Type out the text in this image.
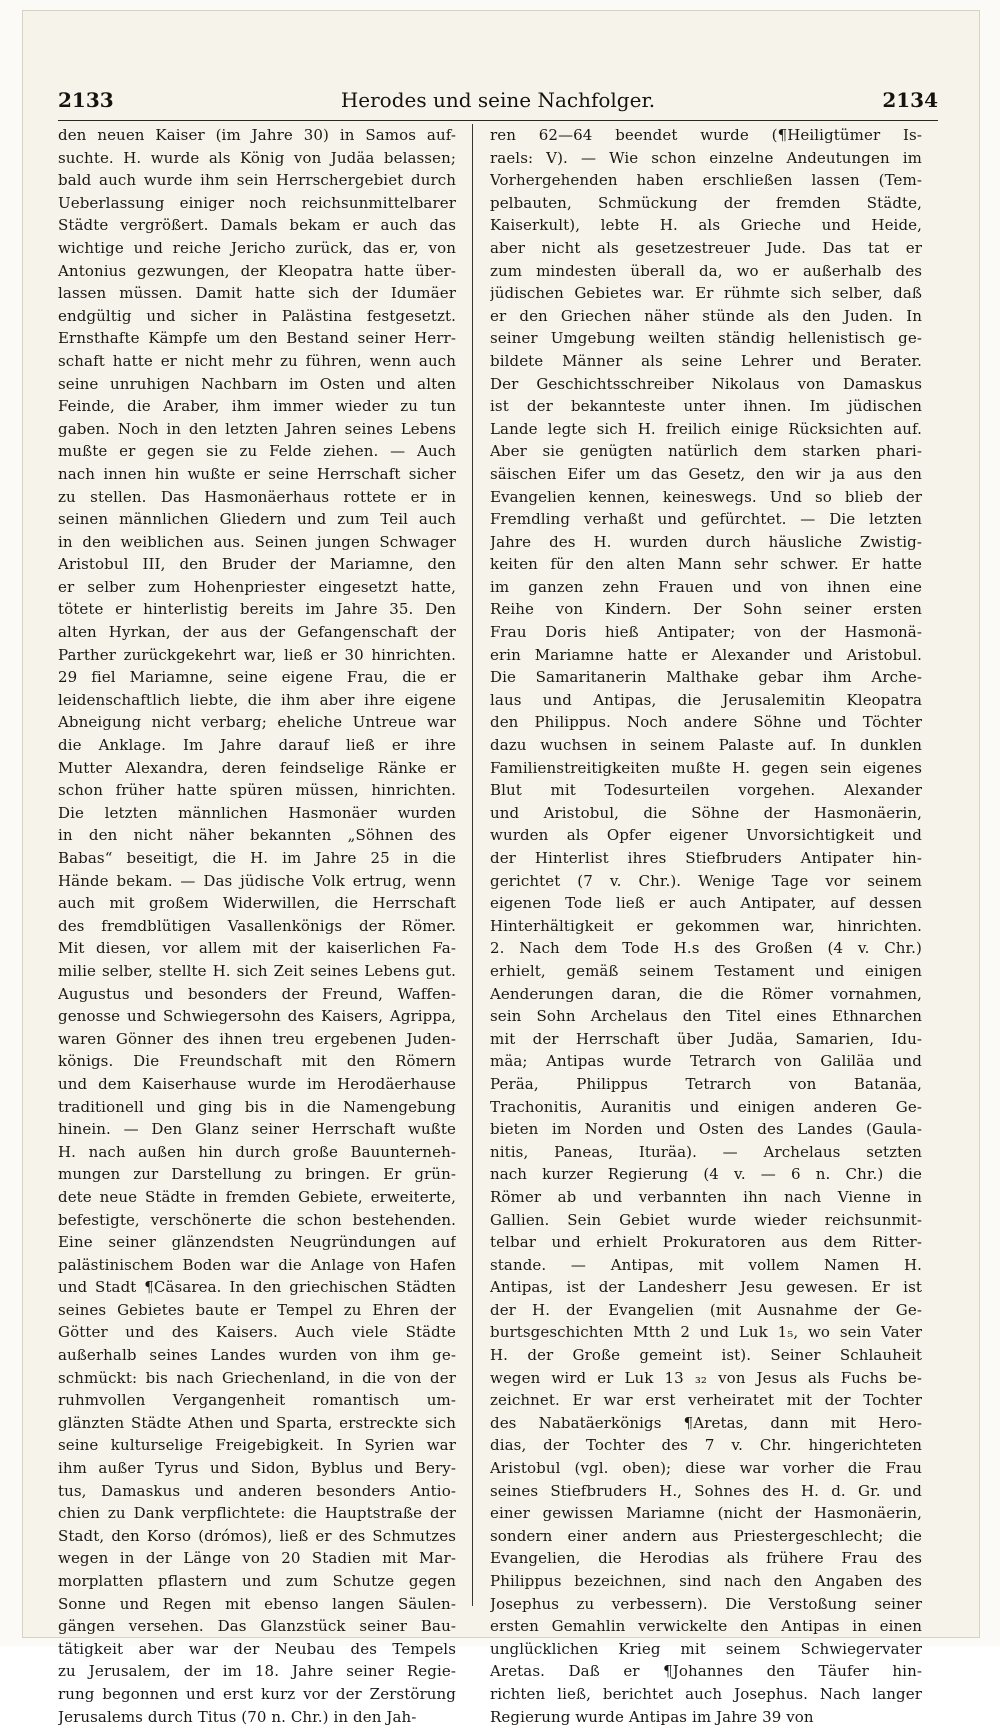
2133	Herodes und seine Nachfolger.	2134
den neuen Kaiser (im Jahre 30) in Samos auf-
suchte. H. wurde als König von Judäa belassen;
bald auch wurde ihm sein Herrschergebiet durch
Ueberlassung einiger noch reichsunmittelbarer
Städte vergrößert. Damals bekam er auch das
wichtige und reiche Jericho zurück, das er, von
Antonius gezwungen, der Kleopatra hatte über-
lassen müssen. Damit hatte sich der Idumäer
endgültig und sicher in Palästina festgesetzt.
Ernsthafte Kämpfe um den Bestand seiner Herr-
schaft hatte er nicht mehr zu führen, wenn auch
seine unruhigen Nachbarn im Osten und alten
Feinde, die Araber, ihm immer wieder zu tun
gaben. Noch in den letzten Jahren seines Lebens
mußte er gegen sie zu Felde ziehen. — Auch
nach innen hin wußte er seine Herrschaft sicher
zu stellen. Das Hasmonäerhaus rottete er in
seinen männlichen Gliedern und zum Teil auch
in den weiblichen aus. Seinen jungen Schwager
Aristobul III, den Bruder der Mariamne, den
er selber zum Hohenpriester eingesetzt hatte,
tötete er hinterlistig bereits im Jahre 35. Den
alten Hyrkan, der aus der Gefangenschaft der
Parther zurückgekehrt war, ließ er 30 hinrichten.
29 fiel Mariamne, seine eigene Frau, die er
leidenschaftlich liebte, die ihm aber ihre eigene
Abneigung nicht verbarg; eheliche Untreue war
die Anklage. Im Jahre darauf ließ er ihre
Mutter Alexandra, deren feindselige Ränke er
schon früher hatte spüren müssen, hinrichten.
Die letzten männlichen Hasmonäer wurden
in den nicht näher bekannten „Söhnen des
Babas“ beseitigt, die H. im Jahre 25 in die
Hände bekam. — Das jüdische Volk ertrug, wenn
auch mit großem Widerwillen, die Herrschaft
des fremdblütigen Vasallenkönigs der Römer.
Mit diesen, vor allem mit der kaiserlichen Fa-
milie selber, stellte H. sich Zeit seines Lebens gut.
Augustus und besonders der Freund, Waffen-
genosse und Schwiegersohn des Kaisers, Agrippa,
waren Gönner des ihnen treu ergebenen Juden-
königs. Die Freundschaft mit den Römern
und dem Kaiserhause wurde im Herodäerhause
traditionell und ging bis in die Namengebung
hinein. — Den Glanz seiner Herrschaft wußte
H. nach außen hin durch große Bauunterneh-
mungen zur Darstellung zu bringen. Er grün-
dete neue Städte in fremden Gebiete, erweiterte,
befestigte, verschönerte die schon bestehenden.
Eine seiner glänzendsten Neugründungen auf
palästinischem Boden war die Anlage von Hafen
und Stadt ¶Cäsarea. In den griechischen Städten
seines Gebietes baute er Tempel zu Ehren der
Götter und des Kaisers. Auch viele Städte
außerhalb seines Landes wurden von ihm ge-
schmückt: bis nach Griechenland, in die von der
ruhmvollen Vergangenheit romantisch um-
glänzten Städte Athen und Sparta, erstreckte sich
seine kulturselige Freigebigkeit. In Syrien war
ihm außer Tyrus und Sidon, Byblus und Bery-
tus, Damaskus und anderen besonders Antio-
chien zu Dank verpflichtete: die Hauptstraße der
Stadt, den Korso (drómos), ließ er des Schmutzes
wegen in der Länge von 20 Stadien mit Mar-
morplatten pflastern und zum Schutze gegen
Sonne und Regen mit ebenso langen Säulen-
gängen versehen. Das Glanzstück seiner Bau-
tätigkeit aber war der Neubau des Tempels
zu Jerusalem, der im 18. Jahre seiner Regie-
rung begonnen und erst kurz vor der Zerstörung
Jerusalems durch Titus (70 n. Chr.) in den Jah-
ren 62—64 beendet wurde (¶Heiligtümer Is-
raels: V). — Wie schon einzelne Andeutungen im
Vorhergehenden haben erschließen lassen (Tem-
pelbauten, Schmückung der fremden Städte,
Kaiserkult), lebte H. als Grieche und Heide,
aber nicht als gesetzestreuer Jude. Das tat er
zum mindesten überall da, wo er außerhalb des
jüdischen Gebietes war. Er rühmte sich selber, daß
er den Griechen näher stünde als den Juden. In
seiner Umgebung weilten ständig hellenistisch ge-
bildete Männer als seine Lehrer und Berater.
Der Geschichtsschreiber Nikolaus von Damaskus
ist der bekannteste unter ihnen. Im jüdischen
Lande legte sich H. freilich einige Rücksichten auf.
Aber sie genügten natürlich dem starken phari-
säischen Eifer um das Gesetz, den wir ja aus den
Evangelien kennen, keineswegs. Und so blieb der
Fremdling verhaßt und gefürchtet. — Die letzten
Jahre des H. wurden durch häusliche Zwistig-
keiten für den alten Mann sehr schwer. Er hatte
im ganzen zehn Frauen und von ihnen eine
Reihe von Kindern. Der Sohn seiner ersten
Frau Doris hieß Antipater; von der Hasmonä-
erin Mariamne hatte er Alexander und Aristobul.
Die Samaritanerin Malthake gebar ihm Arche-
laus und Antipas, die Jerusalemitin Kleopatra
den Philippus. Noch andere Söhne und Töchter
dazu wuchsen in seinem Palaste auf. In dunklen
Familienstreitigkeiten mußte H. gegen sein eigenes
Blut mit Todesurteilen vorgehen. Alexander
und Aristobul, die Söhne der Hasmonäerin,
wurden als Opfer eigener Unvorsichtigkeit und
der Hinterlist ihres Stiefbruders Antipater hin-
gerichtet (7 v. Chr.). Wenige Tage vor seinem
eigenen Tode ließ er auch Antipater, auf dessen
Hinterhältigkeit er gekommen war, hinrichten.
2. Nach dem Tode H.s des Großen (4 v. Chr.)
erhielt, gemäß seinem Testament und einigen
Aenderungen daran, die die Römer vornahmen,
sein Sohn Archelaus den Titel eines Ethnarchen
mit der Herrschaft über Judäa, Samarien, Idu-
mäa; Antipas wurde Tetrarch von Galiläa und
Peräa, Philippus Tetrarch von Batanäa,
Trachonitis, Auranitis und einigen anderen Ge-
bieten im Norden und Osten des Landes (Gaula-
nitis, Paneas, Ituräa). — Archelaus setzten
nach kurzer Regierung (4 v. — 6 n. Chr.) die
Römer ab und verbannten ihn nach Vienne in
Gallien. Sein Gebiet wurde wieder reichsunmit-
telbar und erhielt Prokuratoren aus dem Ritter-
stande. — Antipas, mit vollem Namen H.
Antipas, ist der Landesherr Jesu gewesen. Er ist
der H. der Evangelien (mit Ausnahme der Ge-
burtsgeschichten Mtth 2 und Luk 1₅, wo sein Vater
H. der Große gemeint ist). Seiner Schlauheit
wegen wird er Luk 13 ₃₂ von Jesus als Fuchs be-
zeichnet. Er war erst verheiratet mit der Tochter
des Nabatäerkönigs ¶Aretas, dann mit Hero-
dias, der Tochter des 7 v. Chr. hingerichteten
Aristobul (vgl. oben); diese war vorher die Frau
seines Stiefbruders H., Sohnes des H. d. Gr. und
einer gewissen Mariamne (nicht der Hasmonäerin,
sondern einer andern aus Priestergeschlecht; die
Evangelien, die Herodias als frühere Frau des
Philippus bezeichnen, sind nach den Angaben des
Josephus zu verbessern). Die Verstoßung seiner
ersten Gemahlin verwickelte den Antipas in einen
unglücklichen Krieg mit seinem Schwiegervater
Aretas. Daß er ¶Johannes den Täufer hin-
richten ließ, berichtet auch Josephus. Nach langer
Regierung wurde Antipas im Jahre 39 von
